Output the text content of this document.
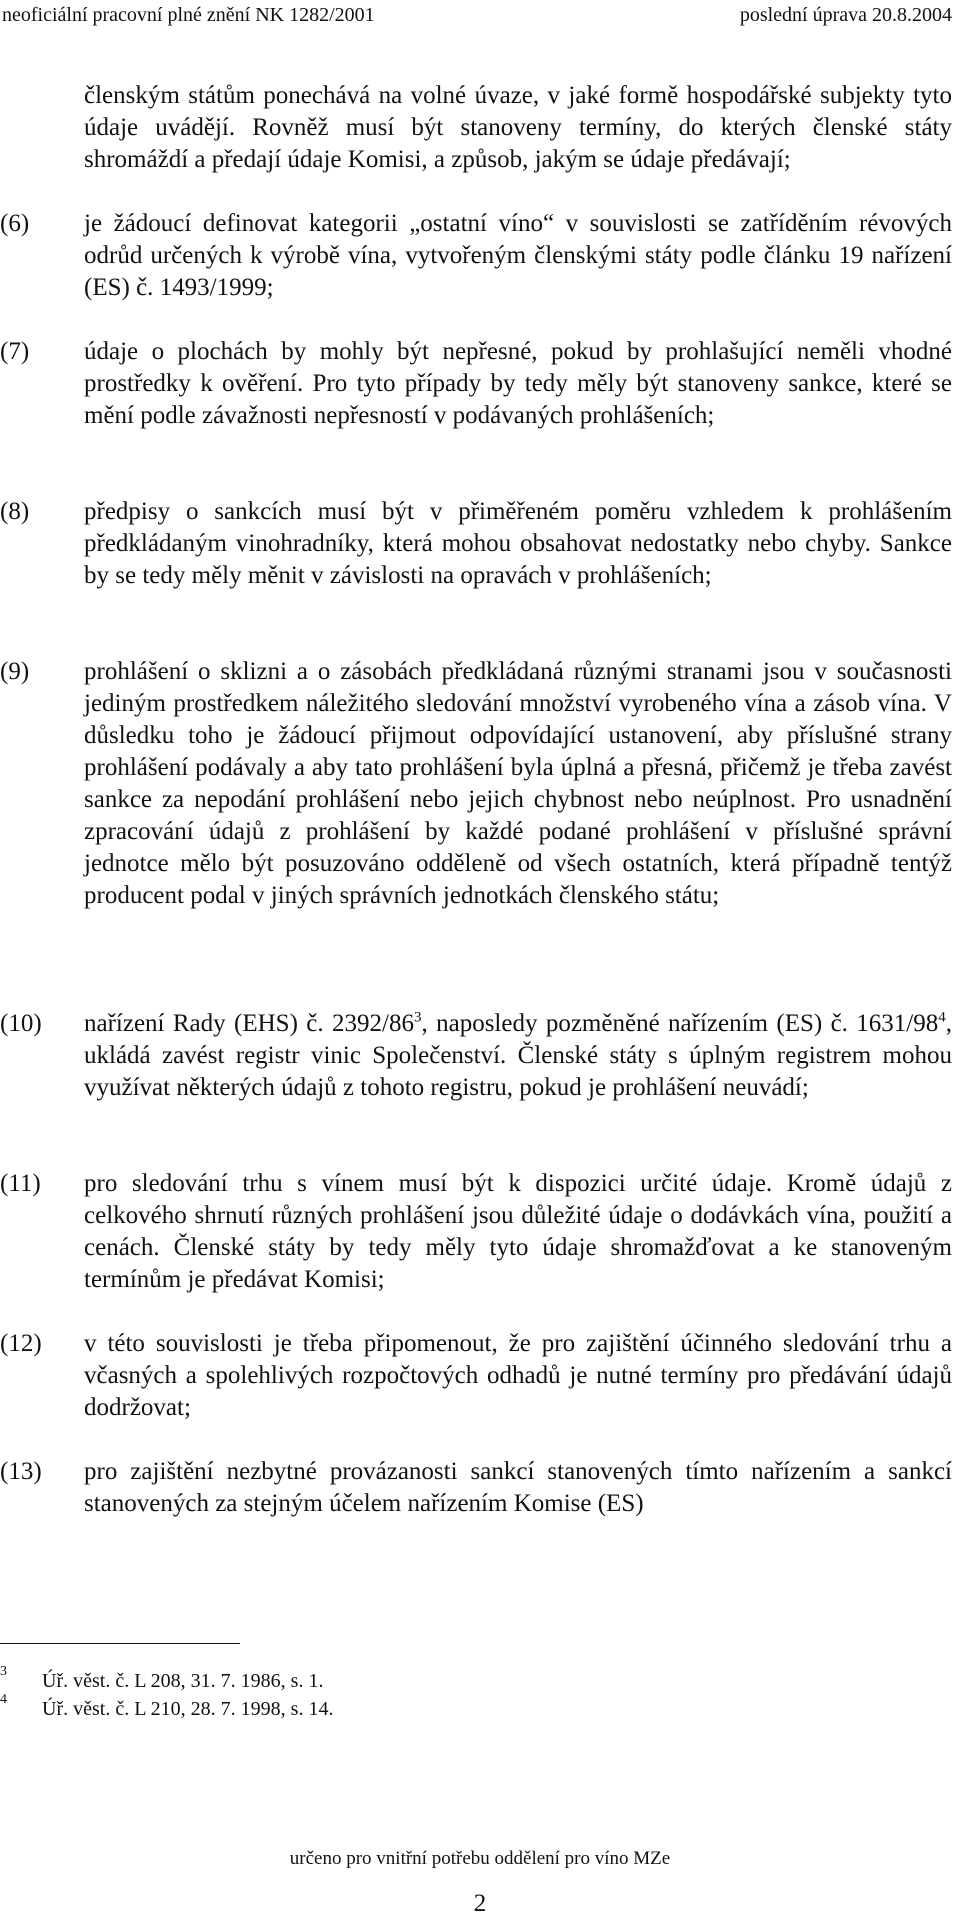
neoficiální pracovní plné znění NK 1282/2001	poslední úprava 20.8.2004
členským státům ponechává na volné úvaze, v jaké formě hospodářské subjekty tyto údaje uvádějí. Rovněž musí být stanoveny termíny, do kterých členské státy shromáždí a předají údaje Komisi, a způsob, jakým se údaje předávají;
(6) je žádoucí definovat kategorii „ostatní víno“ v souvislosti se zatříděním révových odrůd určených k výrobě vína, vytvořeným členskými státy podle článku 19 nařízení (ES) č. 1493/1999;
(7) údaje o plochách by mohly být nepřesné, pokud by prohlašující neměli vhodné prostředky k ověření. Pro tyto případy by tedy měly být stanoveny sankce, které se mění podle závažnosti nepřesností v podávaných prohlášeních;
(8) předpisy o sankcích musí být v přiměřeném poměru vzhledem k prohlášením předkládaným vinohradníky, která mohou obsahovat nedostatky nebo chyby. Sankce by se tedy měly měnit v závislosti na opravách v prohlášeních;
(9) prohlášení o sklizni a o zásobách předkládaná různými stranami jsou v současnosti jediným prostředkem náležitého sledování množství vyrobeného vína a zásob vína. V důsledku toho je žádoucí přijmout odpovídající ustanovení, aby příslušné strany prohlášení podávaly a aby tato prohlášení byla úplná a přesná, přičemž je třeba zavést sankce za nepodání prohlášení nebo jejich chybnost nebo neúplnost. Pro usnadnění zpracování údajů z prohlášení by každé podané prohlášení v příslušné správní jednotce mělo být posuzováno odděleně od všech ostatních, která případně tentýž producent podal v jiných správních jednotkách členského státu;
(10) nařízení Rady (EHS) č. $2392/86^3$, naposledy pozměněné nařízením (ES) č. $1631/98^4$, ukládá zavést registr vinic Společenství. Členské státy s úplným registrem mohou využívat některých údajů z tohoto registru, pokud je prohlášení neuvádí;
(11) pro sledování trhu s vínem musí být k dispozici určité údaje. Kromě údajů z celkového shrnutí různých prohlášení jsou důležité údaje o dodávkách vína, použití a cenách. Členské státy by tedy měly tyto údaje shromažďovat a ke stanoveným termínům je předávat Komisi;
(12) v této souvislosti je třeba připomenout, že pro zajištění účinného sledování trhu a včasných a spolehlivých rozpočtových odhadů je nutné termíny pro předávání údajů dodržovat;
(13) pro zajištění nezbytné provázanosti sankcí stanovených tímto nařízením a sankcí stanovených za stejným účelem nařízením Komise (ES)
3 Úř. věst. č. L 208, 31. 7. 1986, s. 1.
4 Úř. věst. č. L 210, 28. 7. 1998, s. 14.
určeno pro vnitřní potřebu oddělení pro víno MZe
2
